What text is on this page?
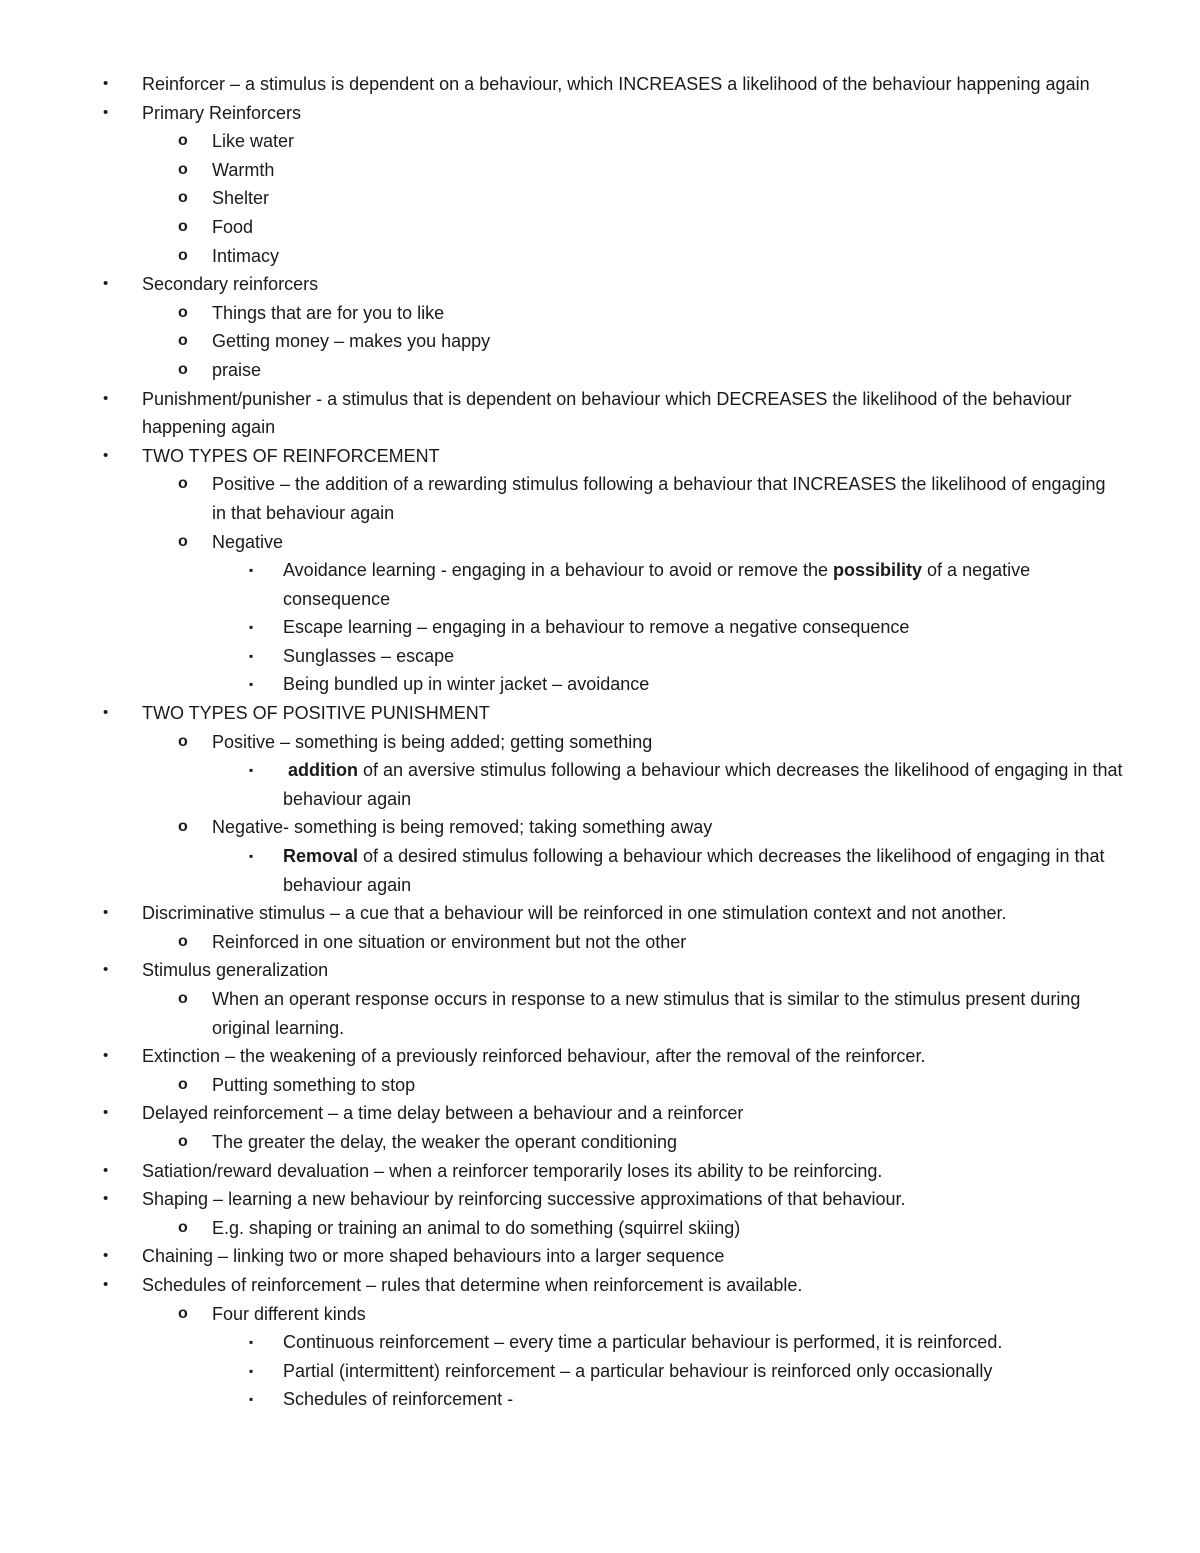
• Reinforcer – a stimulus is dependent on a behaviour, which INCREASES a likelihood of the behaviour happening again
• Primary Reinforcers
o Like water
o Warmth
o Shelter
o Food
o Intimacy
• Secondary reinforcers
o Things that are for you to like
o Getting money – makes you happy
o praise
• Punishment/punisher - a stimulus that is dependent on behaviour which DECREASES the likelihood of the behaviour happening again
• TWO TYPES OF REINFORCEMENT
o Positive – the addition of a rewarding stimulus following a behaviour that INCREASES the likelihood of engaging in that behaviour again
o Negative
▪ Avoidance learning - engaging in a behaviour to avoid or remove the possibility of a negative consequence
▪ Escape learning – engaging in a behaviour to remove a negative consequence
▪ Sunglasses – escape
▪ Being bundled up in winter jacket – avoidance
• TWO TYPES OF POSITIVE PUNISHMENT
o Positive – something is being added; getting something
▪ addition of an aversive stimulus following a behaviour which decreases the likelihood of engaging in that behaviour again
o Negative- something is being removed; taking something away
▪ Removal of a desired stimulus following a behaviour which decreases the likelihood of engaging in that behaviour again
• Discriminative stimulus – a cue that a behaviour will be reinforced in one stimulation context and not another.
o Reinforced in one situation or environment but not the other
• Stimulus generalization
o When an operant response occurs in response to a new stimulus that is similar to the stimulus present during original learning.
• Extinction – the weakening of a previously reinforced behaviour, after the removal of the reinforcer.
o Putting something to stop
• Delayed reinforcement – a time delay between a behaviour and a reinforcer
o The greater the delay, the weaker the operant conditioning
• Satiation/reward devaluation – when a reinforcer temporarily loses its ability to be reinforcing.
• Shaping – learning a new behaviour by reinforcing successive approximations of that behaviour.
o E.g. shaping or training an animal to do something (squirrel skiing)
• Chaining – linking two or more shaped behaviours into a larger sequence
• Schedules of reinforcement – rules that determine when reinforcement is available.
o Four different kinds
▪ Continuous reinforcement – every time a particular behaviour is performed, it is reinforced.
▪ Partial (intermittent) reinforcement – a particular behaviour is reinforced only occasionally
▪ Schedules of reinforcement -
